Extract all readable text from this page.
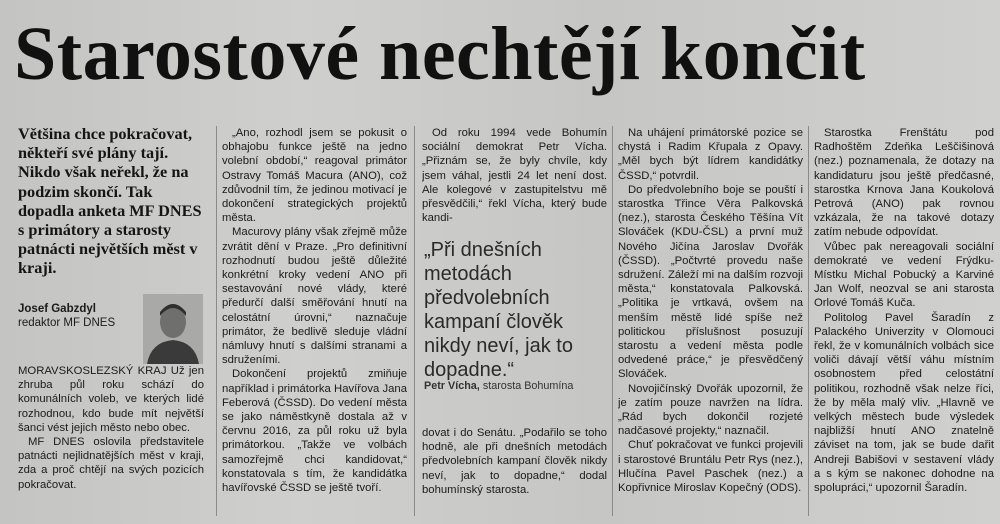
Starostové nechtějí končit
Většina chce pokračovat, někteří své plány tají. Nikdo však neřekl, že na podzim skončí. Tak dopadla anketa MF DNES s primátory a starosty patnácti největších měst v kraji.
Josef Gabzdyl
redaktor MF DNES

MORAVSKOSLEZSKÝ KRAJ Už jen zhruba půl roku schází do komunálních voleb, ve kterých lidé rozhodnou, kdo bude mít největší šanci vést jejich město nebo obec.

MF DNES oslovila představitele patnácti nejlidnatějších měst v kraji, zda a proč chtějí na svých pozicích pokračovat.

„Ano, rozhodl jsem se pokusit o obhajobu funkce ještě na jedno volební období,“ reagoval primátor Ostravy Tomáš Macura (ANO), což zdůvodnil tím, že jedinou motivací je dokončení strategických projektů města.

Macurovy plány však zřejmě může zvrátit dění v Praze. „Pro definitivní rozhodnutí budou ještě důležité konkrétní kroky vedení ANO při sestavování nové vlády, které předurčí další směřování hnutí na celostátní úrovni,“ naznačuje primátor, že bedlivě sleduje vládní námluvy hnutí s dalšími stranami a sdruženími.

Dokončení projektů zmiňuje například i primátorka Havířova Jana Feberová (ČSSD). Do vedení města se jako náměstkyně dostala až v červnu 2016, za půl roku už byla primátorkou. „Takže ve volbách samozřejmě chci kandidovat,“ konstatovala s tím, že kandidátka havířovské ČSSD se ještě tvoří.

Od roku 1994 vede Bohumín sociální demokrat Petr Vícha. „Přiznám se, že byly chvíle, kdy jsem váhal, jestli 24 let není dost. Ale kolegové v zastupitelstvu mě přesvědčili,“ řekl Vícha, který bude kandi-

„Při dnešních metodách předvolebních kampaní člověk nikdy neví, jak to dopadne.“
Petr Vícha, starosta Bohumína

dovat i do Senátu. „Podařilo se toho hodně, ale při dnešních metodách předvolebních kampaní člověk nikdy neví, jak to dopadne,“ dodal bohumínský starosta.

Na uhájení primátorské pozice se chystá i Radim Křupala z Opavy. „Měl bych být lídrem kandidátky ČSSD,“ potvrdil.

Do předvolebního boje se pouští i starostka Třince Věra Palkovská (nez.), starosta Českého Těšína Vít Slováček (KDU-ČSL) a první muž Nového Jičína Jaroslav Dvořák (ČSSD). „Počtvrté provedu naše sdružení. Záleží mi na dalším rozvoji města,“ konstatovala Palkovská. „Politika je vrtkavá, ovšem na menším městě lidé spíše než politickou příslušnost posuzují starostu a vedení města podle odvedené práce,“ je přesvědčený Slováček.

Novojičínský Dvořák upozornil, že je zatím pouze navržen na lídra. „Rád bych dokončil rozjeté nadčasové projekty,“ naznačil.

Chuť pokračovat ve funkci projevili i starostové Bruntálu Petr Rys (nez.), Hlučína Pavel Paschek (nez.) a Kopřivnice Miroslav Kopečný (ODS).

Starostka Frenštátu pod Radhoštěm Zdeňka Leščišinová (nez.) poznamenala, že dotazy na kandidaturu jsou ještě předčasné, starostka Krnova Jana Koukolová Petrová (ANO) pak rovnou vzkázala, že na takové dotazy zatím nebude odpovídat.

Vůbec pak nereagovali sociální demokraté ve vedení Frýdku-Místku Michal Pobucký a Karviné Jan Wolf, neozval se ani starosta Orlové Tomáš Kuča.

Politolog Pavel Šaradín z Palackého Univerzity v Olomouci řekl, že v komunálních volbách sice voliči dávají větší váhu místním osobnostem před celostátní politikou, rozhodně však nelze říci, že by měla malý vliv. „Hlavně ve velkých městech bude výsledek najbližší hnutí ANO znatelně záviset na tom, jak se bude dařit Andreji Babišovi v sestavení vlády a s kým se nakonec dohodne na spolupráci,“ upozornil Šaradín.
